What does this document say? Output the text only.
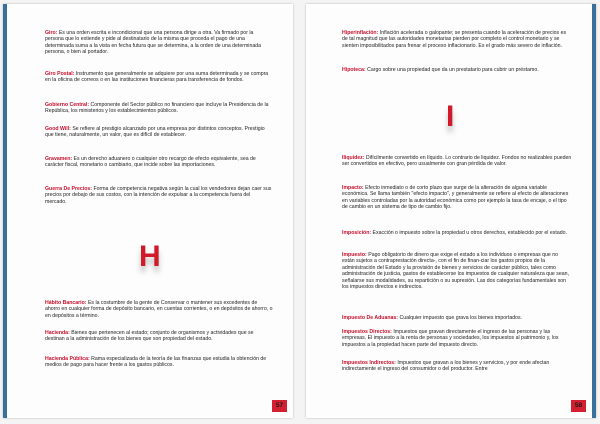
Giro: Es una orden escrita e incondicional que una persona dirige a otra. Va firmado por la persona que lo extiende y pide al destinatario de la misma que proceda el pago de una determinada suma a la vista en fecha futura que se determina, a la orden de una determinada persona, o bien al portador.
Giro Postal: Instrumento que generalmente se adquiere por una suma determinada y se compra en la oficina de correos o en las instituciones financieras para transferencia de fondos.
Gobierno Central: Componente del Sector público no financiero que incluye la Presidencia de la República, los ministerios y los establecimientos públicos.
Good Will: Se refiere al prestigio alcanzado por una empresa por distintos conceptos. Prestigio que tiene, naturalmente, un valor, que es difícil de establecer.
Gravamen: Es un derecho aduanero o cualquier otro recargo de efecto equivalente, sea de carácter fiscal, monetario o cambiario, que incide sobre las importaciones.
Guerra De Precios: Forma de competencia negativa según la cual los vendedores dejan caer sus precios por debajo de sus costos, con la intención de expulsar a la competencia fuera del mercado.
H
Hábito Bancario: Es la costumbre de la gente de Conservar o mantener sus excedentes de ahorro en cualquier forma de depósito bancario, en cuentas corrientes, o en depósitos de ahorro, o en depósitos a término.
Hacienda: Bienes que pertenecen al estado; conjunto de organismos y actividades que se destinan a la administración de los bienes que son propiedad del estado.
Hacienda Pública: Rama especializada de la teoría de las finanzas que estudia la obtención de medios de pago para hacer frente a los gastos públicos.
57
Hiperinflación: Inflación acelerada o galopante; se presenta cuando la aceleración de precios es de tal magnitud que las autoridades monetarias pierden por completo el control monetario y se sienten imposibilitados para frenar el proceso inflacionario. Es el grado más severo de inflación.
Hipoteca: Cargo sobre una propiedad que da un prestatario para cubrir un préstamo.
I
Iliquidez: Difícilmente convertido en líquido. Lo contrario de liquidez. Fondos no realizables pueden ser convertidos en efectivo, pero usualmente con gran pérdida de valor.
Impacto: Efecto inmediato o de corto plazo que surge de la alteración de alguna variable económica. Se llama también "efecto impacto", y generalmente se refiere al efecto de alteraciones en variables controladas por la autoridad económica como por ejemplo la tasa de encaje, o el tipo de cambio en un sistema de tipo de cambio fijo.
Imposición: Exacción o impuesto sobre la propiedad u otros derechos, establecido por el estado.
Impuesto: Pago obligatorio de dinero que exige el estado a los individuos o empresas que no están sujetos a contraprestación directa-, con el fin de finan-ciar los gastos propios de la administración del Estado y la provisión de bienes y servicios de carácter público, tales como administración de justicia, gastos de establecerse los impuestos de cualquier naturaleza que sean, señalarse sus modalidades, su repartición o su supresión. Las dos categorías fundamentales son los impuestos directos e indirectos.
Impuesto De Aduanas: Cualquier impuesto que grava los bienes importados.
Impuestos Directos: Impuestos que gravan directamente el ingreso de las personas y las empresas. El impuesto a la renta de personas y sociedades, los impuestos al patrimonio y, los impuestos a la propiedad hacen parte del impuesto directo.
Impuestos Indirectos: Impuestos que gravan a los bienes y servicios, y por ende afectan indirectamente el ingreso del consumidor o del productor. Entre
58
